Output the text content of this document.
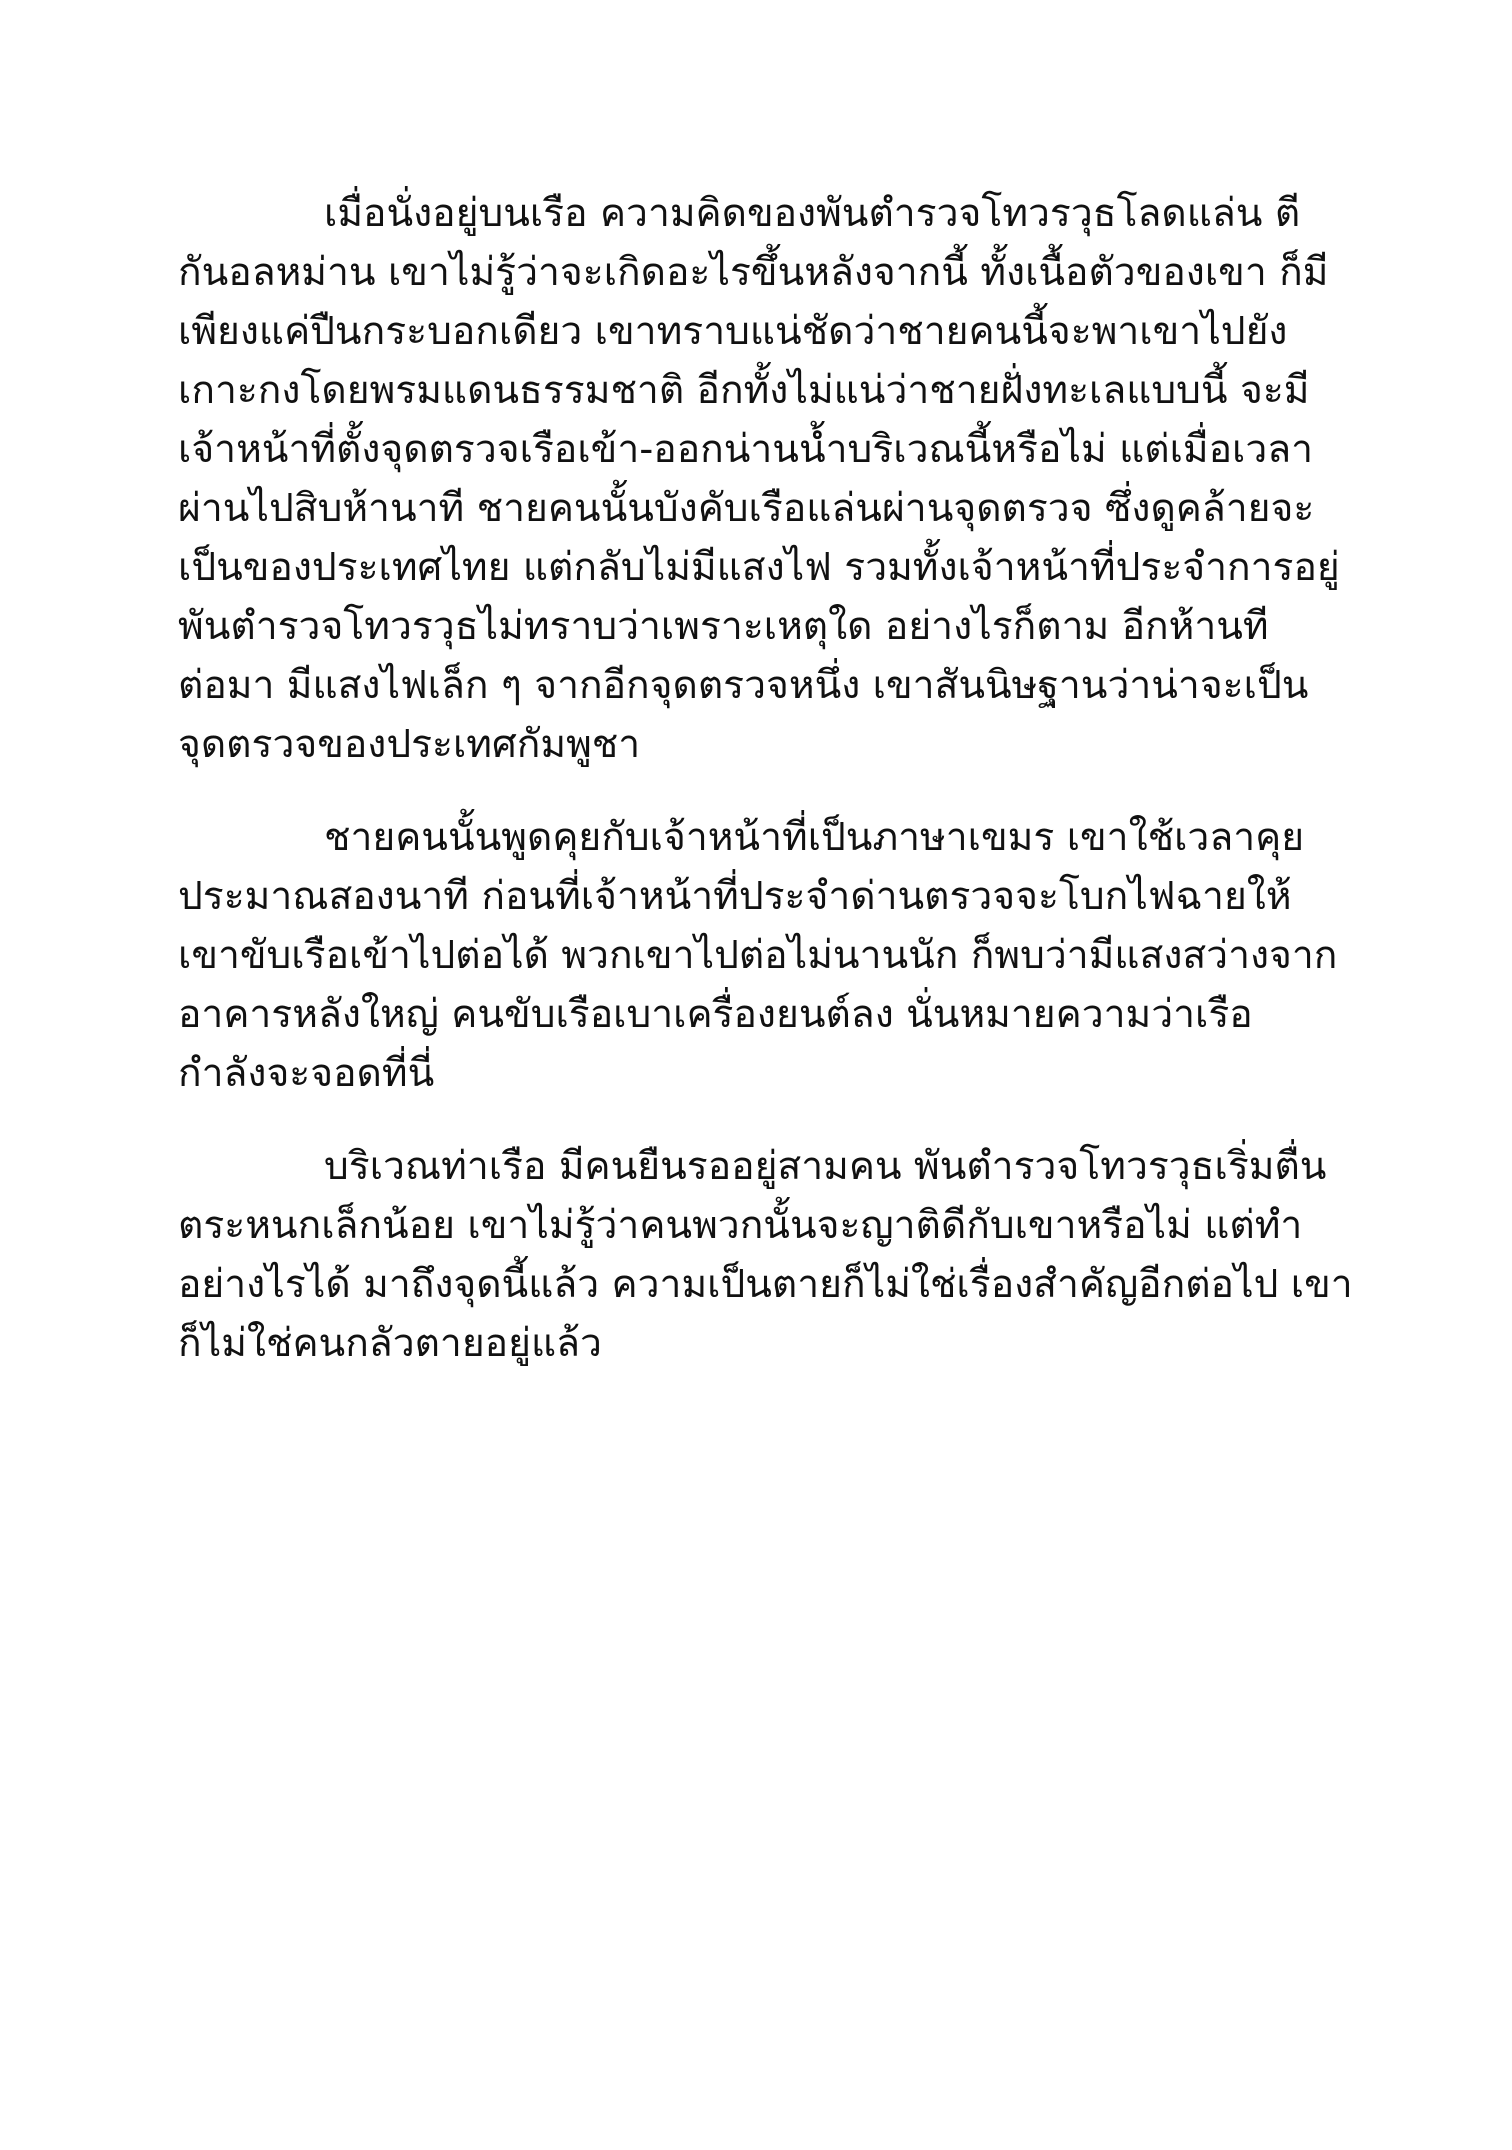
เมื่อนั่งอยู่บนเรือ ความคิดของพันตำรวจโทวรวุธโลดแล่น ตี

กันอลหม่าน เขาไม่รู้ว่าจะเกิดอะไรขึ้นหลังจากนี้ ทั้งเนื้อตัวของเขา ก็มี

เพียงแค่ปืนกระบอกเดียว เขาทราบแน่ชัดว่าชายคนนี้จะพาเขาไปยัง

เกาะกงโดยพรมแดนธรรมชาติ อีกทั้งไม่แน่ว่าชายฝั่งทะเลแบบนี้ จะมี

เจ้าหน้าที่ตั้งจุดตรวจเรือเข้า-ออกน่านน้ำบริเวณนี้หรือไม่ แต่เมื่อเวลา

ผ่านไปสิบห้านาที ชายคนนั้นบังคับเรือแล่นผ่านจุดตรวจ ซึ่งดูคล้ายจะ

เป็นของประเทศไทย แต่กลับไม่มีแสงไฟ รวมทั้งเจ้าหน้าที่ประจำการอยู่

พันตำรวจโทวรวุธไม่ทราบว่าเพราะเหตุใด อย่างไรก็ตาม อีกห้านที

ต่อมา มีแสงไฟเล็ก ๆ จากอีกจุดตรวจหนึ่ง เขาสันนิษฐานว่าน่าจะเป็น

จุดตรวจของประเทศกัมพูชา

ชายคนนั้นพูดคุยกับเจ้าหน้าที่เป็นภาษาเขมร เขาใช้เวลาคุย

ประมาณสองนาที ก่อนที่เจ้าหน้าที่ประจำด่านตรวจจะโบกไฟฉายให้

เขาขับเรือเข้าไปต่อได้ พวกเขาไปต่อไม่นานนัก ก็พบว่ามีแสงสว่างจาก

อาคารหลังใหญ่ คนขับเรือเบาเครื่องยนต์ลง นั่นหมายความว่าเรือ

กำลังจะจอดที่นี่

บริเวณท่าเรือ มีคนยืนรออยู่สามคน พันตำรวจโทวรวุธเริ่มตื่น

ตระหนกเล็กน้อย เขาไม่รู้ว่าคนพวกนั้นจะญาติดีกับเขาหรือไม่ แต่ทำ

อย่างไรได้ มาถึงจุดนี้แล้ว ความเป็นตายก็ไม่ใช่เรื่องสำคัญอีกต่อไป เขา

ก็ไม่ใช่คนกลัวตายอยู่แล้ว
